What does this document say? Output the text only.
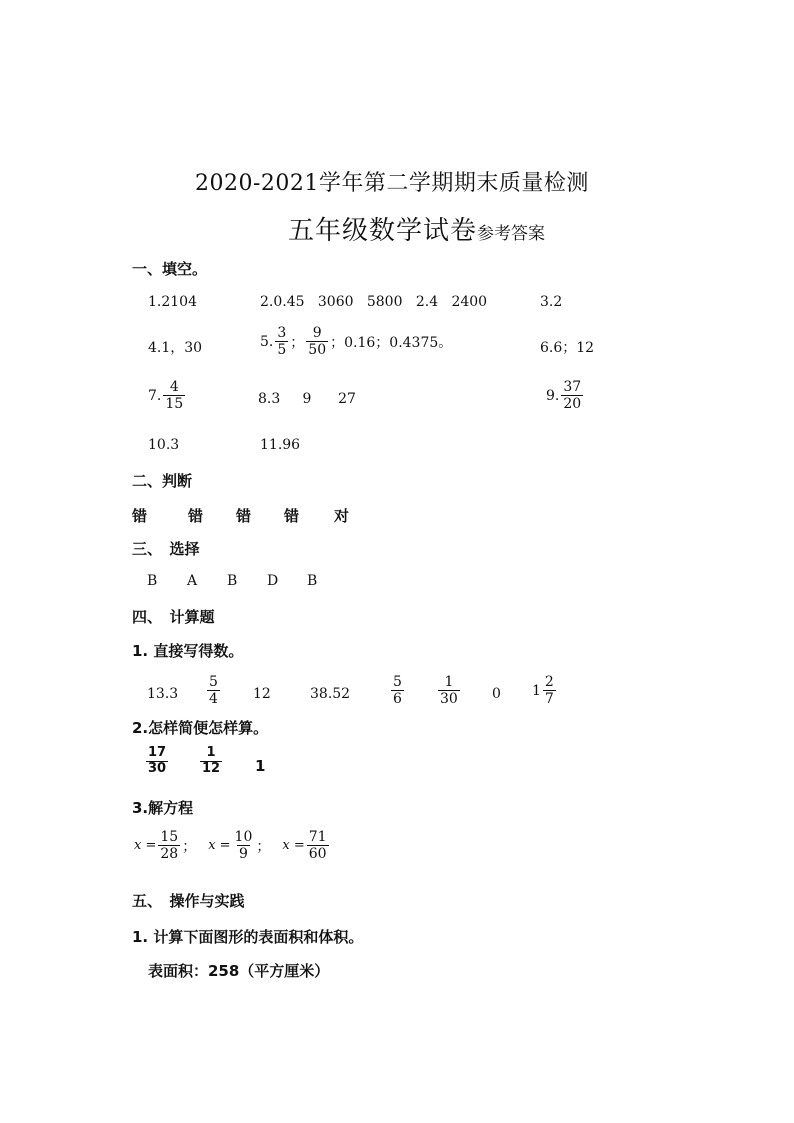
2020-2021学年第二学期期末质量检测
五年级数学试卷参考答案
一、填空。
1.2104	2.0.45   3060   5800   2.4   2400	3.2
4.1，30	5. $\frac{3}{5}$ ； $\frac{9}{50}$ ；0.16；0.4375。	6.6；12
7. $\frac{4}{15}$	8.3     9      27	9. $\frac{37}{20}$
10.3	11.96
二、判断
错	错 错 错 对
三、　选择
B A B D B
四、　计算题
1. 直接写得数。
$13.3 \frac{5}{4} 12$	38.52	$\frac{5}{6} \frac{1}{30} 0$ $1 \frac{2}{7}$
2.怎样简便怎样算。
$\frac{17}{30} \frac{1}{12} 1$
3.解方程
$x = \frac{15}{28}$ ； $x = \frac{10}{9}$ ； $x = \frac{71}{60}$
五、　操作与实践
1. 计算下面图形的表面积和体积。
表面积：258（平方厘米）
